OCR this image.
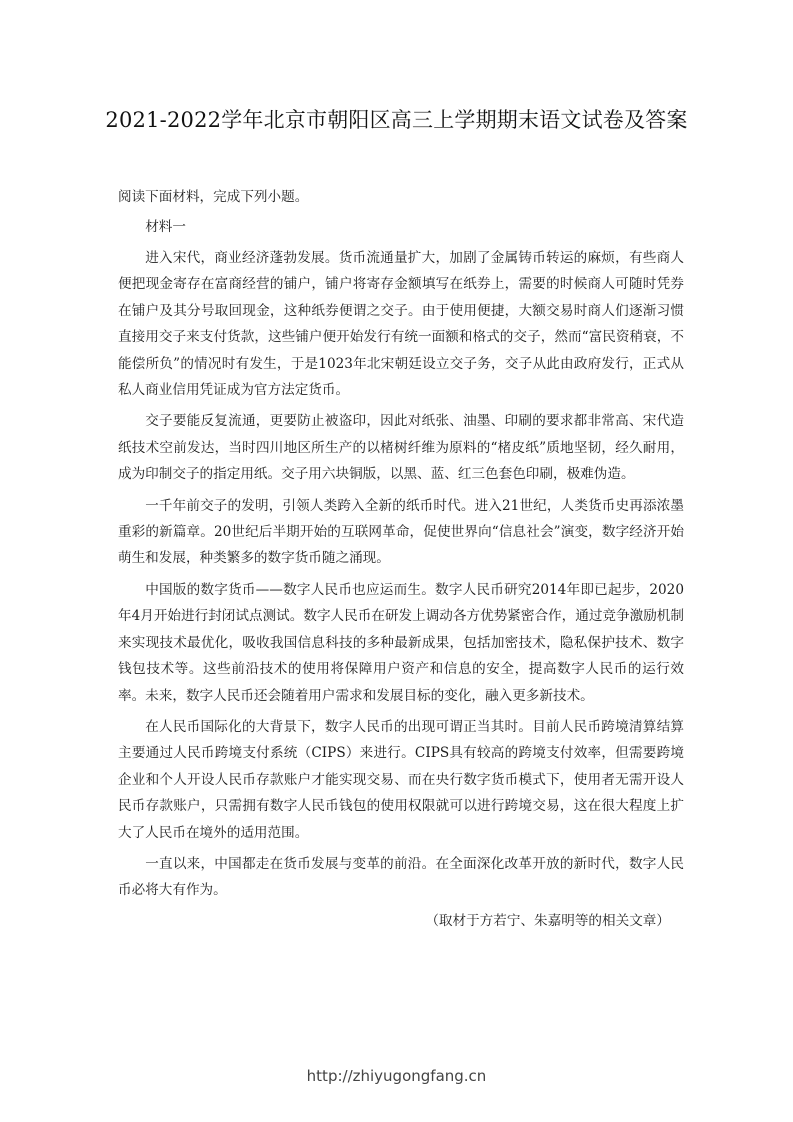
2021-2022学年北京市朝阳区高三上学期期末语文试卷及答案

阅读下面材料，完成下列小题。

材料一

进入宋代，商业经济蓬勃发展。货币流通量扩大，加剧了金属铸币转运的麻烦，有些商人便把现金寄存在富商经营的铺户，铺户将寄存金额填写在纸券上，需要的时候商人可随时凭券在铺户及其分号取回现金，这种纸券便谓之交子。由于使用便捷，大额交易时商人们逐渐习惯直接用交子来支付货款，这些铺户便开始发行有统一面额和格式的交子，然而“富民资稍衰，不能偿所负”的情况时有发生，于是1023年北宋朝廷设立交子务，交子从此由政府发行，正式从私人商业信用凭证成为官方法定货币。

交子要能反复流通，更要防止被盗印，因此对纸张、油墨、印刷的要求都非常高、宋代造纸技术空前发达，当时四川地区所生产的以楮树纤维为原料的“楮皮纸”质地坚韧，经久耐用，成为印制交子的指定用纸。交子用六块铜版，以黑、蓝、红三色套色印刷，极难伪造。

一千年前交子的发明，引领人类跨入全新的纸币时代。进入21世纪，人类货币史再添浓墨重彩的新篇章。20世纪后半期开始的互联网革命，促使世界向“信息社会”演变，数字经济开始萌生和发展，种类繁多的数字货币随之涌现。

中国版的数字货币——数字人民币也应运而生。数字人民币研究2014年即已起步，2020年4月开始进行封闭试点测试。数字人民币在研发上调动各方优势紧密合作，通过竞争激励机制来实现技术最优化，吸收我国信息科技的多种最新成果，包括加密技术，隐私保护技术、数字钱包技术等。这些前沿技术的使用将保障用户资产和信息的安全，提高数字人民币的运行效率。未来，数字人民币还会随着用户需求和发展目标的变化，融入更多新技术。

在人民币国际化的大背景下，数字人民币的出现可谓正当其时。目前人民币跨境清算结算主要通过人民币跨境支付系统（CIPS）来进行。CIPS具有较高的跨境支付效率，但需要跨境企业和个人开设人民币存款账户才能实现交易、而在央行数字货币模式下，使用者无需开设人民币存款账户，只需拥有数字人民币钱包的使用权限就可以进行跨境交易，这在很大程度上扩大了人民币在境外的适用范围。

一直以来，中国都走在货币发展与变革的前沿。在全面深化改革开放的新时代，数字人民币必将大有作为。

（取材于方若宁、朱嘉明等的相关文章）

http://zhiyugongfang.cn
